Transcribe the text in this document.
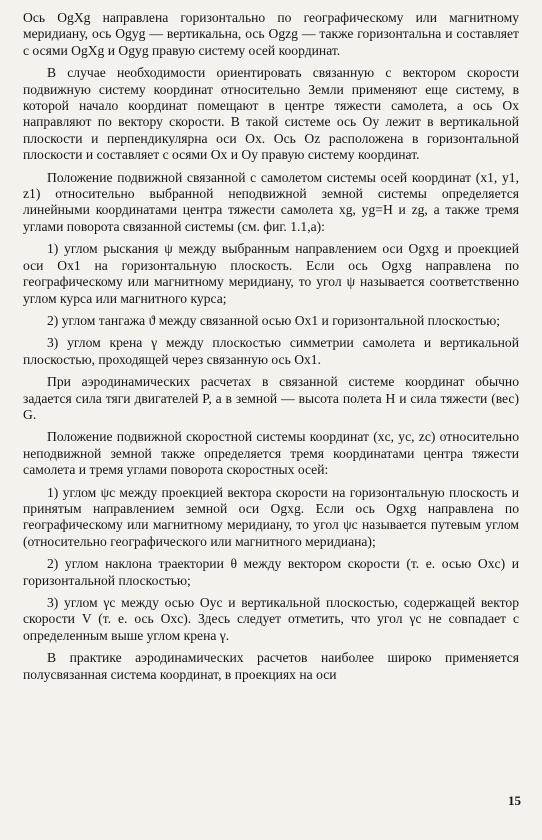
Ось OgXg направлена горизонтально по географическому или магнитному меридиану, ось Ogyg — вертикальна, ось Ogzg — также горизонтальна и составляет с осями OgXg и Ogyg правую систему осей координат.

В случае необходимости ориентировать связанную с вектором скорости подвижную систему координат относительно Земли применяют еще систему, в которой начало координат помещают в центре тяжести самолета, а ось Ox направляют по вектору скорости. В такой системе ось Oy лежит в вертикальной плоскости и перпендикулярна оси Ox. Ось Oz расположена в горизонтальной плоскости и составляет с осями Ox и Oy правую систему координат.

Положение подвижной связанной с самолетом системы осей координат (x1, y1, z1) относительно выбранной неподвижной земной системы определяется линейными координатами центра тяжести самолета xg, yg=H и zg, а также тремя углами поворота связанной системы (см. фиг. 1.1,a):

1) углом рыскания ψ между выбранным направлением оси Ogxg и проекцией оси Ox1 на горизонтальную плоскость. Если ось Ogxg направлена по географическому или магнитному меридиану, то угол ψ называется соответственно углом курса или магнитного курса;

2) углом тангажа ϑ между связанной осью Ox1 и горизонтальной плоскостью;

3) углом крена γ между плоскостью симметрии самолета и вертикальной плоскостью, проходящей через связанную ось Ox1.

При аэродинамических расчетах в связанной системе координат обычно задается сила тяги двигателей P, а в земной — высота полета H и сила тяжести (вес) G.

Положение подвижной скоростной системы координат (xc, yc, zc) относительно неподвижной земной также определяется тремя координатами центра тяжести самолета и тремя углами поворота скоростных осей:

1) углом ψc между проекцией вектора скорости на горизонтальную плоскость и принятым направлением земной оси Ogxg. Если ось Ogxg направлена по географическому или магнитному меридиану, то угол ψc называется путевым углом (относительно географического или магнитного меридиана);

2) углом наклона траектории θ между вектором скорости (т. е. осью Oxc) и горизонтальной плоскостью;

3) углом γc между осью Oyc и вертикальной плоскостью, содержащей вектор скорости V (т. е. ось Oxc). Здесь следует отметить, что угол γc не совпадает с определенным выше углом крена γ.

В практике аэродинамических расчетов наиболее широко применяется полусвязанная система координат, в проекциях на оси

15
